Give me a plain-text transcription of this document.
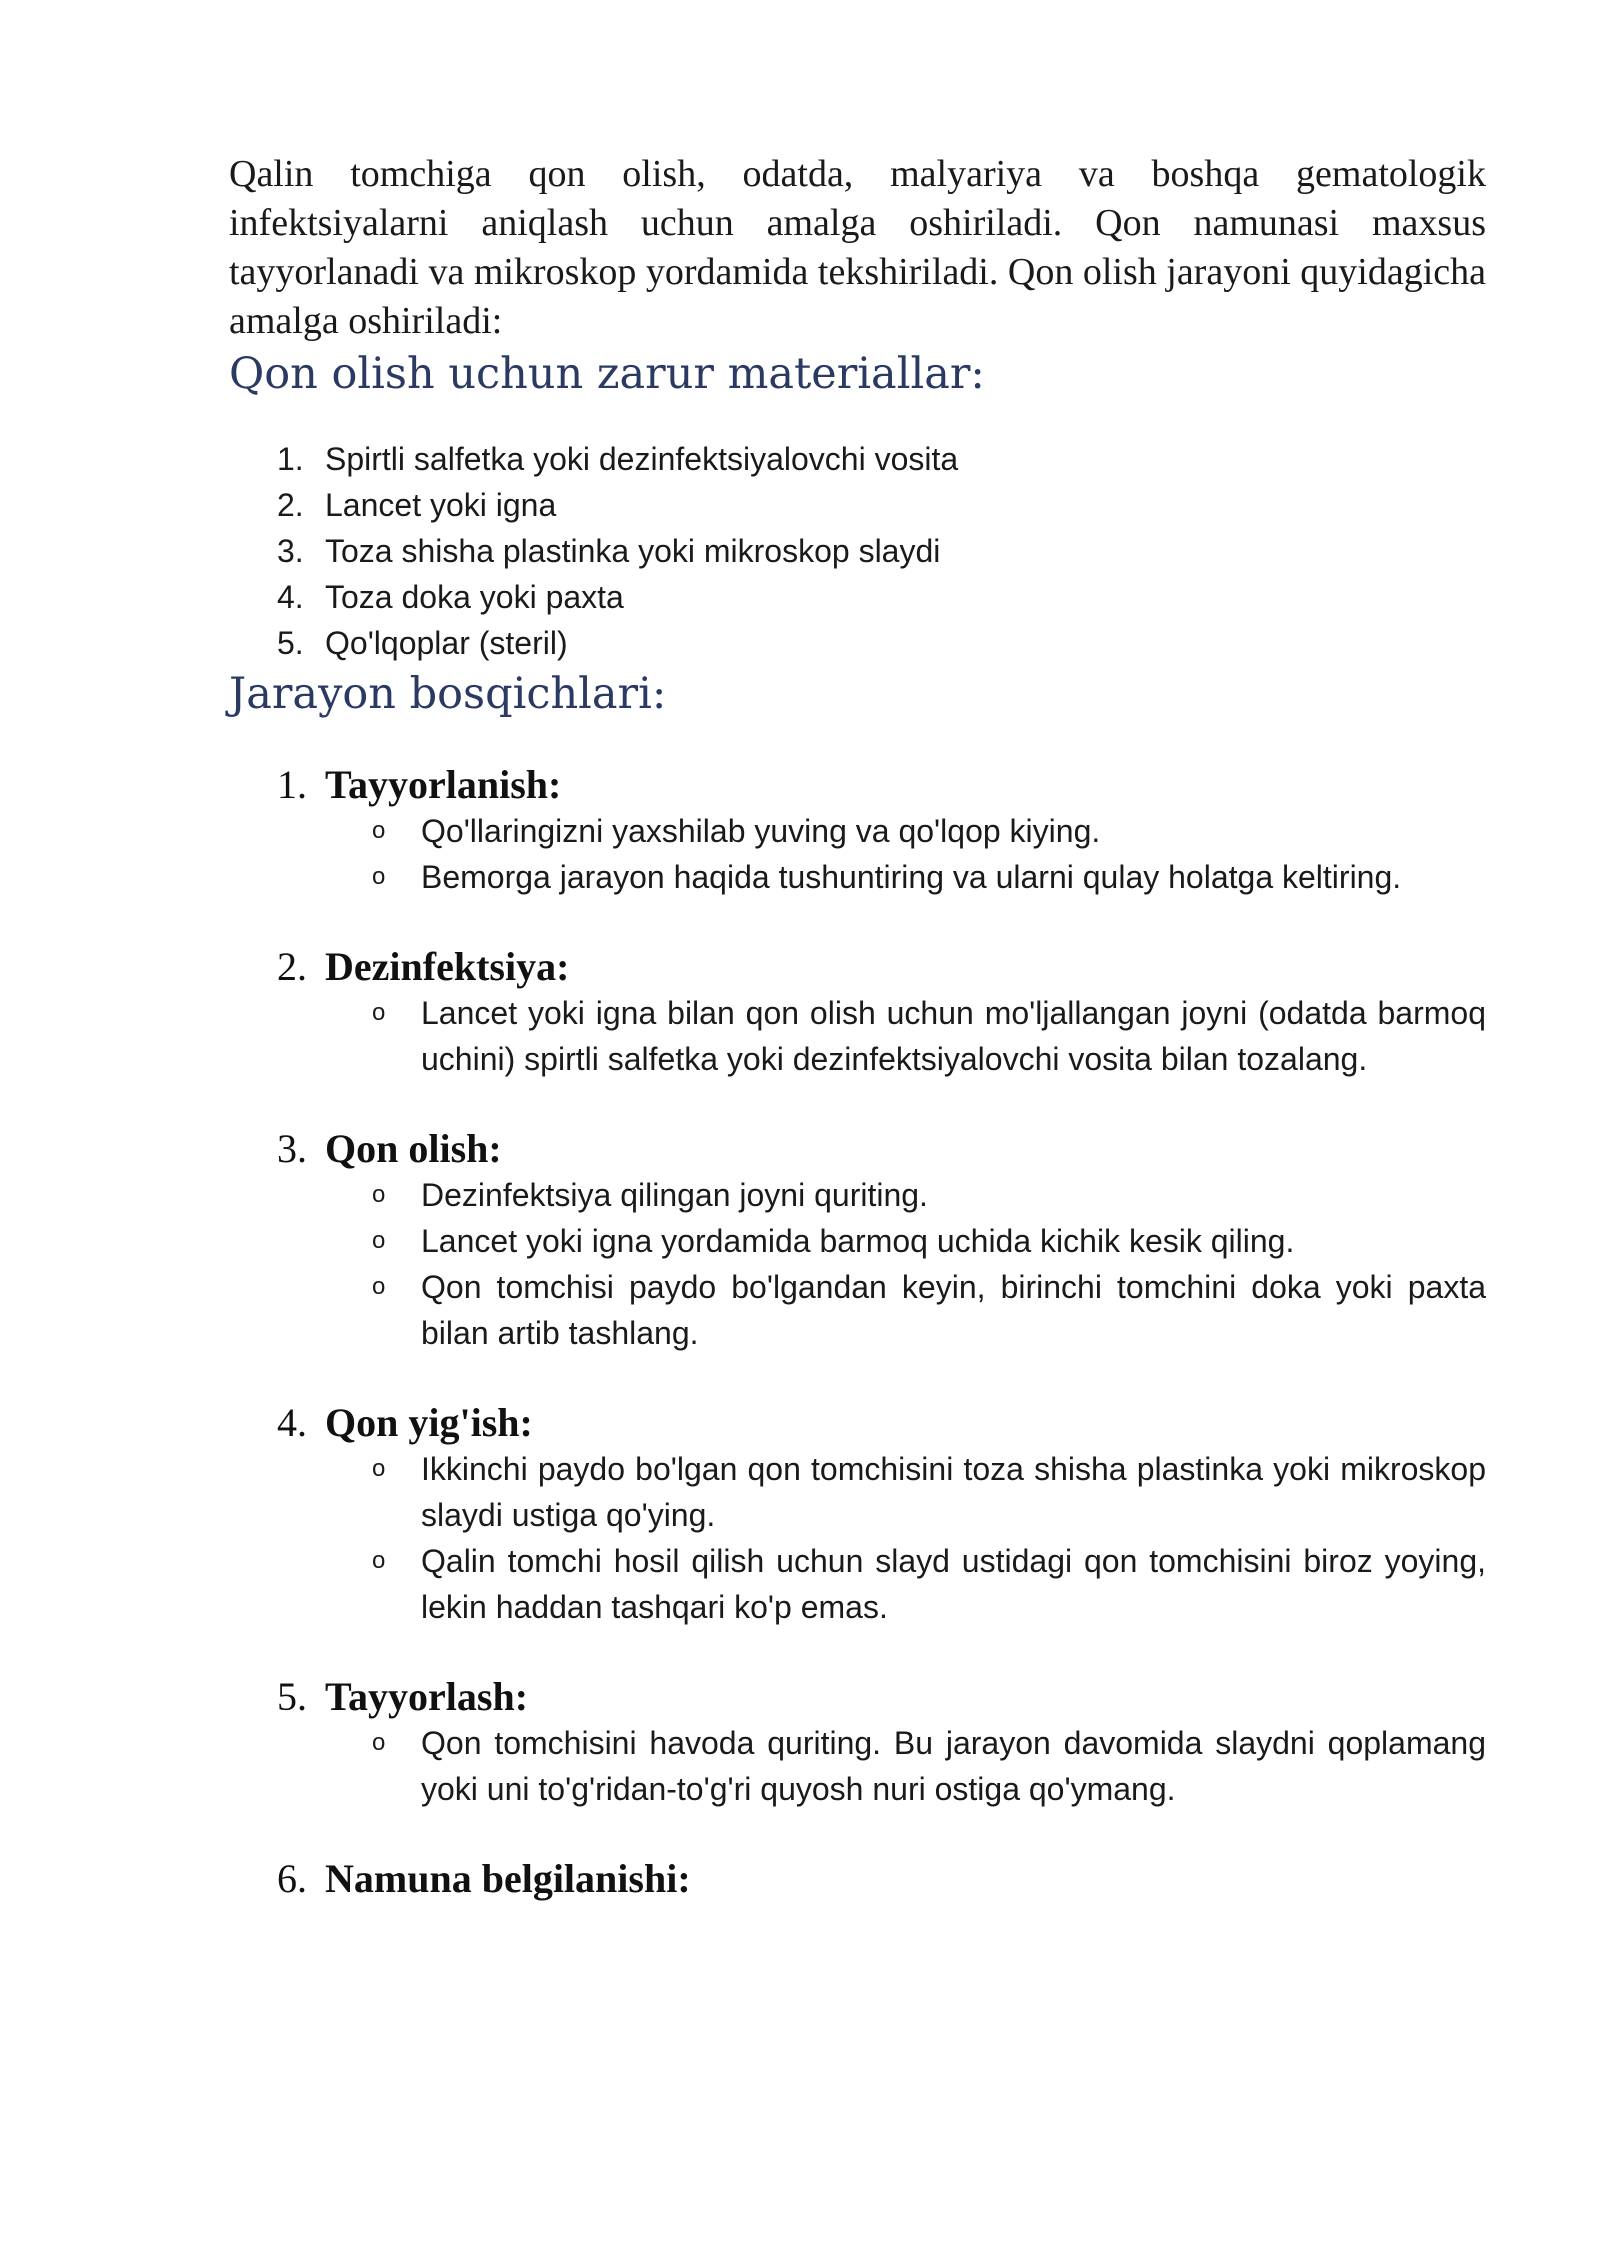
Qalin tomchiga qon olish, odatda, malyariya va boshqa gematologik infektsiyalarni aniqlash uchun amalga oshiriladi. Qon namunasi maxsus tayyorlanadi va mikroskop yordamida tekshiriladi. Qon olish jarayoni quyidagicha amalga oshiriladi:

Qon olish uchun zarur materiallar:
1. Spirtli salfetka yoki dezinfektsiyalovchi vosita
2. Lancet yoki igna
3. Toza shisha plastinka yoki mikroskop slaydi
4. Toza doka yoki paxta
5. Qo'lqoplar (steril)
Jarayon bosqichlari:
1. Tayyorlanish:
o Qo'llaringizni yaxshilab yuving va qo'lqop kiying.
o Bemorga jarayon haqida tushuntiring va ularni qulay holatga keltiring.
2. Dezinfektsiya:
o Lancet yoki igna bilan qon olish uchun mo'ljallangan joyni (odatda barmoq uchini) spirtli salfetka yoki dezinfektsiyalovchi vosita bilan tozalang.
3. Qon olish:
o Dezinfektsiya qilingan joyni quriting.
o Lancet yoki igna yordamida barmoq uchida kichik kesik qiling.
o Qon tomchisi paydo bo'lgandan keyin, birinchi tomchini doka yoki paxta bilan artib tashlang.
4. Qon yig'ish:
o Ikkinchi paydo bo'lgan qon tomchisini toza shisha plastinka yoki mikroskop slaydi ustiga qo'ying.
o Qalin tomchi hosil qilish uchun slayd ustidagi qon tomchisini biroz yoying, lekin haddan tashqari ko'p emas.
5. Tayyorlash:
o Qon tomchisini havoda quriting. Bu jarayon davomida slaydni qoplamang yoki uni to'g'ridan-to'g'ri quyosh nuri ostiga qo'ymang.
6. Namuna belgilanishi:
